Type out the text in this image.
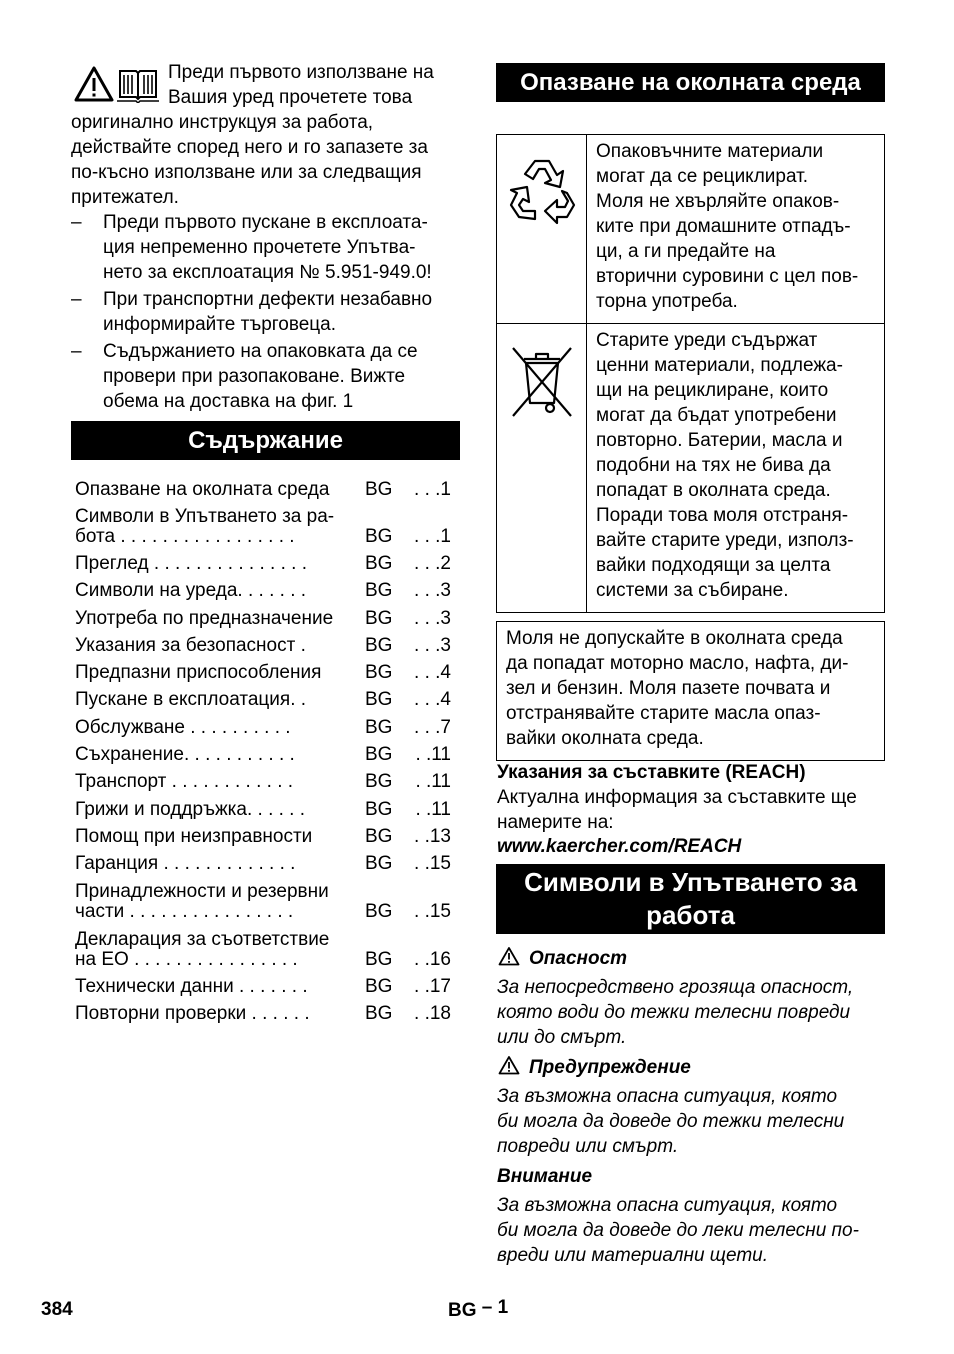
Преди първото използване на
Вашия уред прочетете това
оригинално инструкцуя за работа,
действайте според него и го запазете за
по-късно използване или за следващия
притежател.
–	Преди първото пускане в експлоата-
ция непременно прочетете Упътва-
нето за експлоатация № 5.951-949.0!
–	При транспортни дефекти незабавно
информирайте търговеца.
–	Съдържанието на опаковката да се
провери при разопаковане. Вижте
обема на доставка на фиг. 1
Съдържание
Опазване на околната среда	BG . . .1
Символи в Упътването за ра-
бота . . . . . . . . . . . . . . . . .	BG . . .1
Преглед . . . . . . . . . . . . . . .	BG . . .2
Символи на уреда. . . . . . .	BG . . .3
Употреба по предназначение	BG . . .3
Указания за безопасност .	BG . . .3
Предпазни приспособления	BG . . .4
Пускане в експлоатация. .	BG . . .4
Обслужване . . . . . . . . . .	BG . . .7
Съхранение. . . . . . . . . . .	BG . .11
Транспорт . . . . . . . . . . . .	BG . .11
Грижи и поддръжка. . . . . .	BG . .11
Помощ при неизправности	BG . .13
Гаранция . . . . . . . . . . . . .	BG . .15
Принадлежности и резервни
части . . . . . . . . . . . . . . . .	BG . .15
Декларация за съответствие
на ЕО . . . . . . . . . . . . . . . .	BG . .16
Технически данни . . . . . . .	BG . .17
Повторни проверки . . . . . .	BG . .18
Опазване на околната среда
Опаковъчните материали
могат да се рециклират.
Моля не хвърляйте опаков-
ките при домашните отпадъ-
ци, а ги предайте на
вторични суровини с цел пов-
торна употреба.
Старите уреди съдържат
ценни материали, подлежа-
щи на рециклиране, които
могат да бъдат употребени
повторно. Батерии, масла и
подобни на тях не бива да
попадат в околната среда.
Поради това моля отстраня-
вайте старите уреди, използ-
вайки подходящи за целта
системи за събиране.
Моля не допускайте в околната среда
да попадат моторно масло, нафта, ди-
зел и бензин. Моля пазете почвата и
отстранявайте старите масла опаз-
вайки околната среда.
Указания за съставките (REACH)
Актуална информация за съставките ще
намерите на:
www.kaercher.com/REACH
Символи в Упътването за
работа
Опасност
За непосредствено грозяща опасност,
която води до тежки телесни повреди
или до смърт.
Предупреждение
За възможна опасна ситуация, която
би могла да доведе до тежки телесни
повреди или смърт.
Внимание
За възможна опасна ситуация, която
би могла да доведе до леки телесни по-
вреди или материални щети.
384	BG – 1
